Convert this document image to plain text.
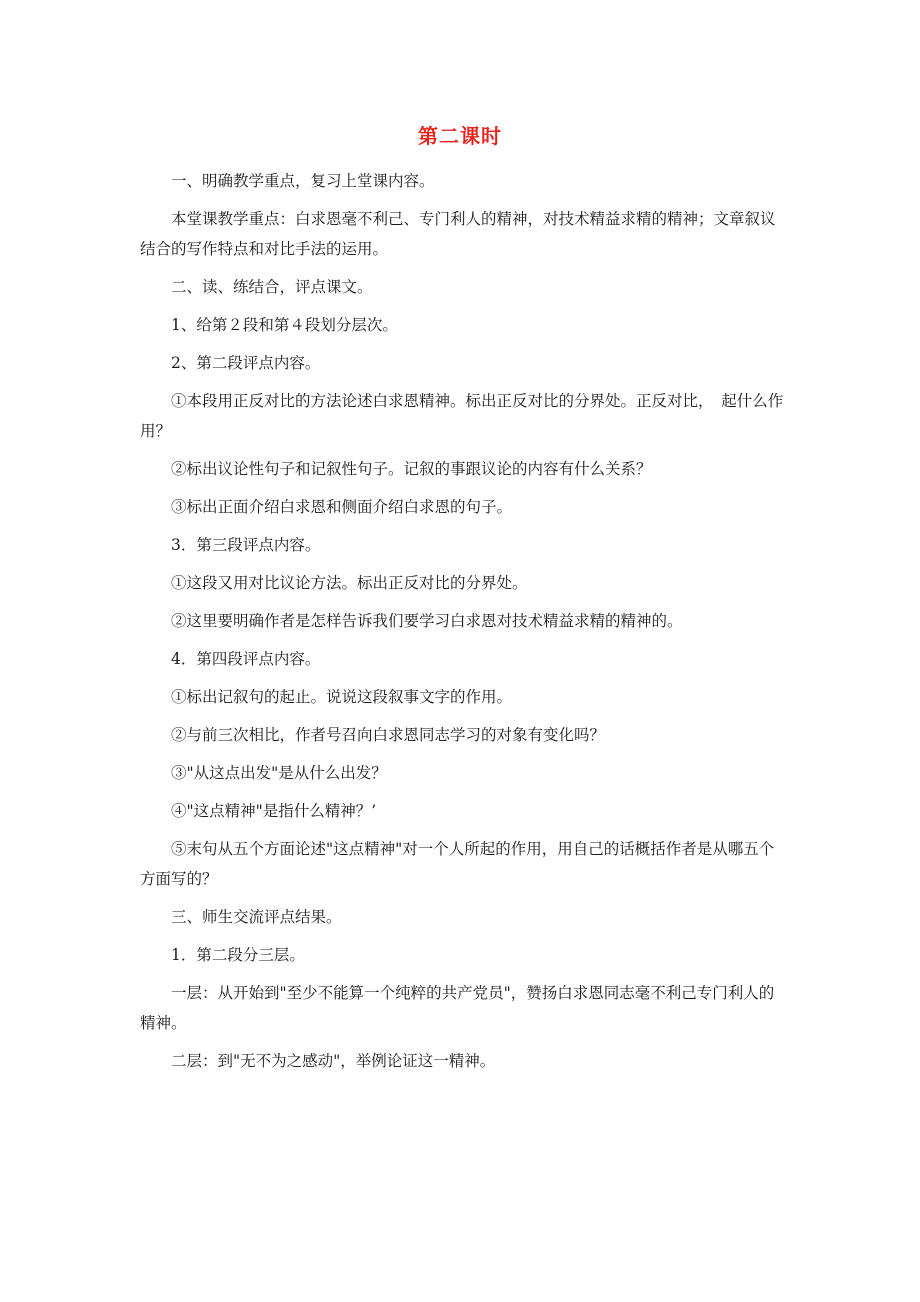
第二课时

一、明确教学重点，复习上堂课内容。

本堂课教学重点：白求恩毫不利己、专门利人的精神，对技术精益求精的精神；文章叙议结合的写作特点和对比手法的运用。

二、读、练结合，评点课文。

1、给第２段和第４段划分层次。

2、第二段评点内容。

①本段用正反对比的方法论述白求恩精神。标出正反对比的分界处。正反对比，　起什么作用？

②标出议论性句子和记叙性句子。记叙的事跟议论的内容有什么关系？

③标出正面介绍白求恩和侧面介绍白求恩的句子。

3．第三段评点内容。

①这段又用对比议论方法。标出正反对比的分界处。

②这里要明确作者是怎样告诉我们要学习白求恩对技术精益求精的精神的。

4．第四段评点内容。

①标出记叙句的起止。说说这段叙事文字的作用。

②与前三次相比，作者号召向白求恩同志学习的对象有变化吗？

③"从这点出发"是从什么出发？

④"这点精神"是指什么精神？’

⑤末句从五个方面论述"这点精神"对一个人所起的作用，用自己的话概括作者是从哪五个方面写的？

三、师生交流评点结果。

1．第二段分三层。

一层：从开始到"至少不能算一个纯粹的共产党员"，赞扬白求恩同志毫不利己专门利人的精神。

二层：到"无不为之感动"，举例论证这一精神。
